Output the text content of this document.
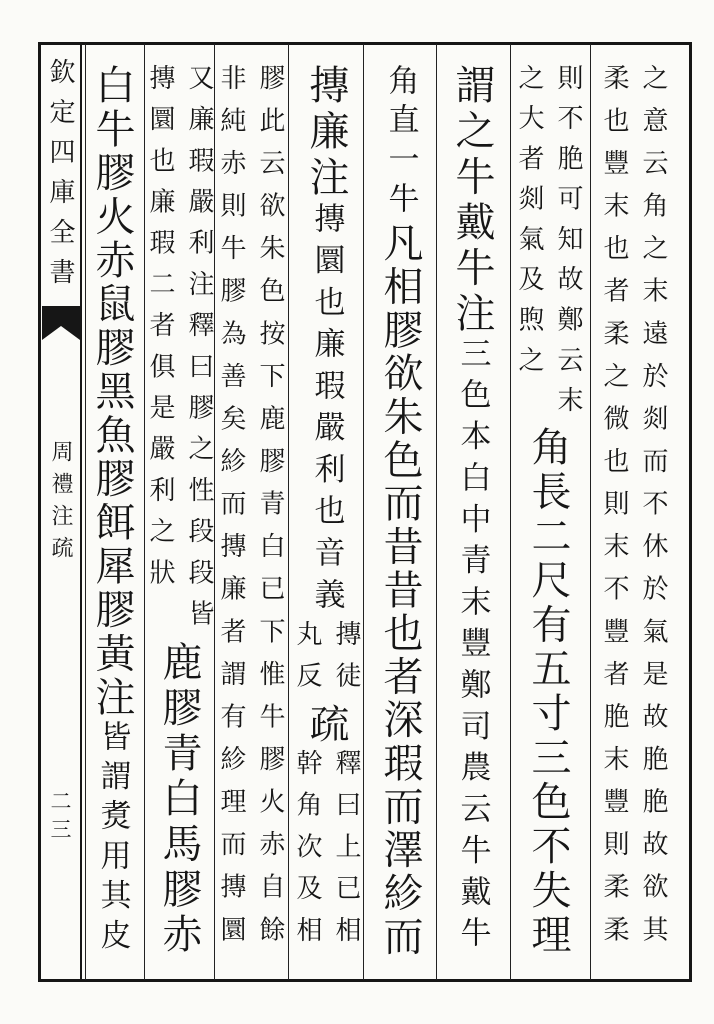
欽定四庫全書
周禮注疏
二三	之意云角之末遠於剡而不休於氣是故脃脃故欲其
柔也豐末也者柔之微也則末不豐者脃末豐則柔柔
則不脃可知故鄭云末
之大者剡氣及煦之
角長二尺有五寸三色不失理
謂之牛戴牛注
三色本白中青末豐鄭司農云牛戴牛
角直一牛
凡相膠欲朱色而昔昔也者深瑕而澤紾而
摶廉注
摶圜也廉瑕嚴利也音義
摶徒
丸反
疏
釋曰上已相
幹角次及相
膠此云欲朱色按下鹿膠青白已下惟牛膠火赤自餘
非純赤則牛膠為善矣紾而摶廉者謂有紾理而摶圜
又廉瑕嚴利注釋曰膠之性段段皆
摶圜也廉瑕二者俱是嚴利之狀
鹿膠青白馬膠赤
白牛膠火赤鼠膠黑魚膠餌犀膠黃注
皆謂煑用其皮
